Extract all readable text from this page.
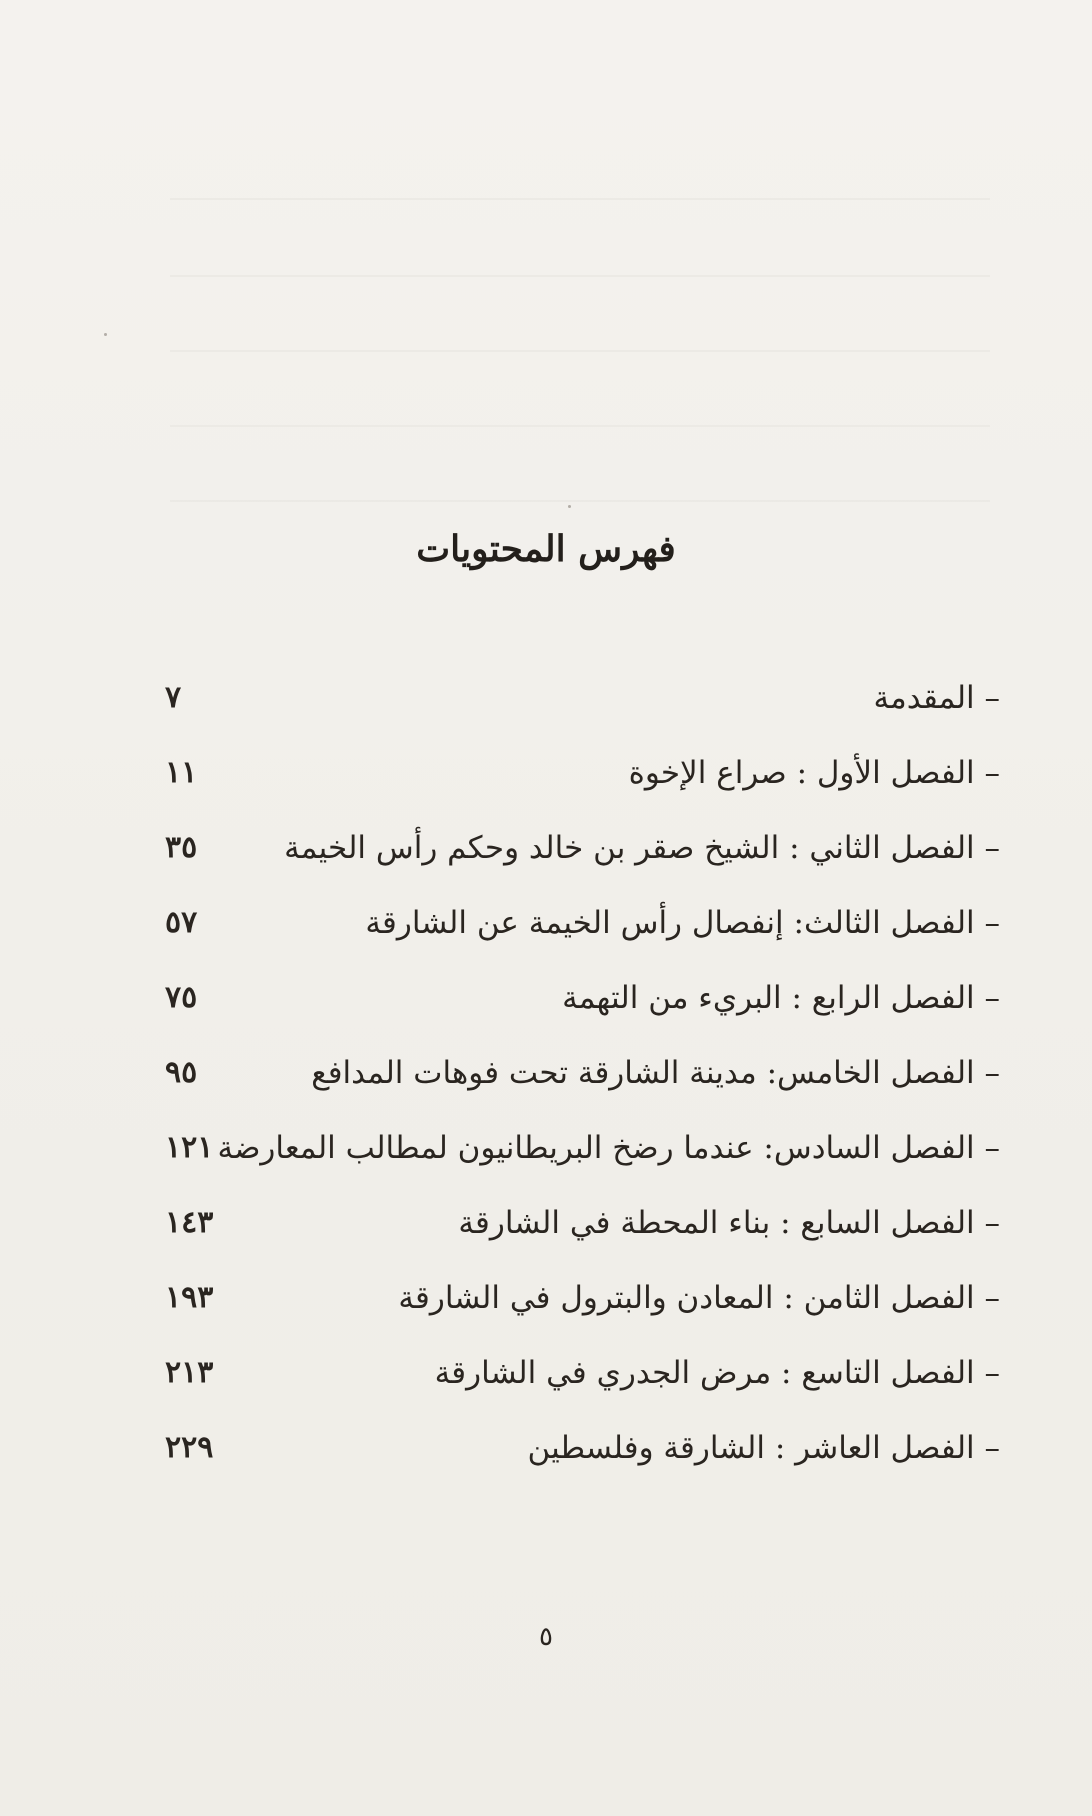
فهرس المحتويات
– المقدمة
٧
– الفصل الأول : صراع الإخوة
١١
– الفصل الثاني : الشيخ صقر بن خالد وحكم رأس الخيمة
٣٥
– الفصل الثالث: إنفصال رأس الخيمة عن الشارقة
٥٧
– الفصل الرابع : البريء من التهمة
٧٥
– الفصل الخامس: مدينة الشارقة تحت فوهات المدافع
٩٥
– الفصل السادس: عندما رضخ البريطانيون لمطالب المعارضة
١٢١
– الفصل السابع : بناء المحطة في الشارقة
١٤٣
– الفصل الثامن : المعادن والبترول في الشارقة
١٩٣
– الفصل التاسع : مرض الجدري في الشارقة
٢١٣
– الفصل العاشر : الشارقة وفلسطين
٢٢٩
٥
